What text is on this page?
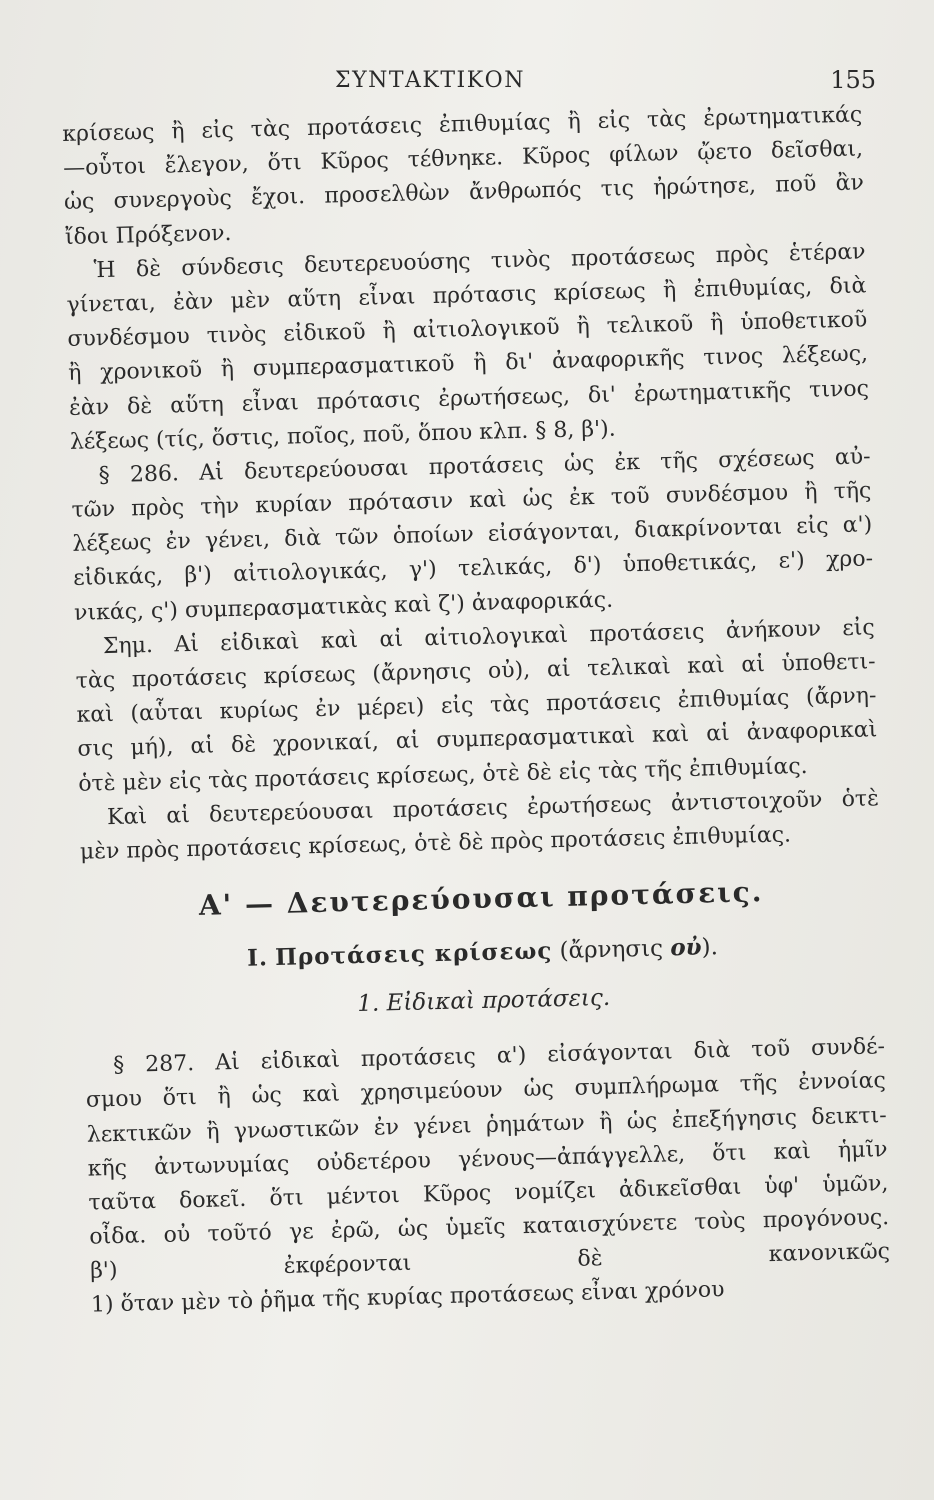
ΣΥΝΤΑΚΤΙΚΟΝ	155
κρίσεως ἢ εἰς τὰς προτάσεις ἐπιθυμίας ἢ εἰς τὰς ἐρωτηματικάς
—οὗτοι ἔλεγον, ὅτι Κῦρος τέθνηκε. Κῦρος φίλων ᾤετο δεῖσθαι,
ὡς συνεργοὺς ἔχοι. προσελθὼν ἄνθρωπός τις ἠρώτησε, ποῦ ἂν
ἴδοι Πρόξενον.
Ἡ δὲ σύνδεσις δευτερευούσης τινὸς προτάσεως πρὸς ἑτέραν
γίνεται, ἐὰν μὲν αὕτη εἶναι πρότασις κρίσεως ἢ ἐπιθυμίας, διὰ
συνδέσμου τινὸς εἰδικοῦ ἢ αἰτιολογικοῦ ἢ τελικοῦ ἢ ὑποθετικοῦ
ἢ χρονικοῦ ἢ συμπερασματικοῦ ἢ δι' ἀναφορικῆς τινος λέξεως,
ἐὰν δὲ αὕτη εἶναι πρότασις ἐρωτήσεως, δι' ἐρωτηματικῆς τινος
λέξεως (τίς, ὅστις, ποῖος, ποῦ, ὅπου κλπ. § 8, β').
§ 286. Αἱ δευτερεύουσαι προτάσεις ὡς ἐκ τῆς σχέσεως αὐ-
τῶν πρὸς τὴν κυρίαν πρότασιν καὶ ὡς ἐκ τοῦ συνδέσμου ἢ τῆς
λέξεως ἐν γένει, διὰ τῶν ὁποίων εἰσάγονται, διακρίνονται εἰς α')
εἰδικάς, β') αἰτιολογικάς, γ') τελικάς, δ') ὑποθετικάς, ε') χρο-
νικάς, ς') συμπερασματικὰς καὶ ζ') ἀναφορικάς.
Σημ. Αἱ εἰδικαὶ καὶ αἱ αἰτιολογικαὶ προτάσεις ἀνήκουν εἰς
τὰς προτάσεις κρίσεως (ἄρνησις οὐ), αἱ τελικαὶ καὶ αἱ ὑποθετι-
καὶ (αὗται κυρίως ἐν μέρει) εἰς τὰς προτάσεις ἐπιθυμίας (ἄρνη-
σις μή), αἱ δὲ χρονικαί, αἱ συμπερασματικαὶ καὶ αἱ ἀναφορικαὶ
ὁτὲ μὲν εἰς τὰς προτάσεις κρίσεως, ὁτὲ δὲ εἰς τὰς τῆς ἐπιθυμίας.
Καὶ αἱ δευτερεύουσαι προτάσεις ἐρωτήσεως ἀντιστοιχοῦν ὁτὲ
μὲν πρὸς προτάσεις κρίσεως, ὁτὲ δὲ πρὸς προτάσεις ἐπιθυμίας.
Α' — Δευτερεύουσαι προτάσεις.
Ι. Προτάσεις κρίσεως (ἄρνησις οὐ).
1. Εἰδικαὶ προτάσεις.
§ 287. Αἱ εἰδικαὶ προτάσεις α') εἰσάγονται διὰ τοῦ συνδέ-
σμου ὅτι ἢ ὡς καὶ χρησιμεύουν ὡς συμπλήρωμα τῆς ἐννοίας
λεκτικῶν ἢ γνωστικῶν ἐν γένει ῥημάτων ἢ ὡς ἐπεξήγησις δεικτι-
κῆς ἀντωνυμίας οὐδετέρου γένους—ἀπάγγελλε, ὅτι καὶ ἡμῖν
ταῦτα δοκεῖ. ὅτι μέντοι Κῦρος νομίζει ἀδικεῖσθαι ὑφ' ὑμῶν,
οἶδα. οὐ τοῦτό γε ἐρῶ, ὡς ὑμεῖς καταισχύνετε τοὺς προγόνους.
β') ἐκφέρονται δὲ κανονικῶς
1) ὅταν μὲν τὸ ῥῆμα τῆς κυρίας προτάσεως εἶναι χρόνου
